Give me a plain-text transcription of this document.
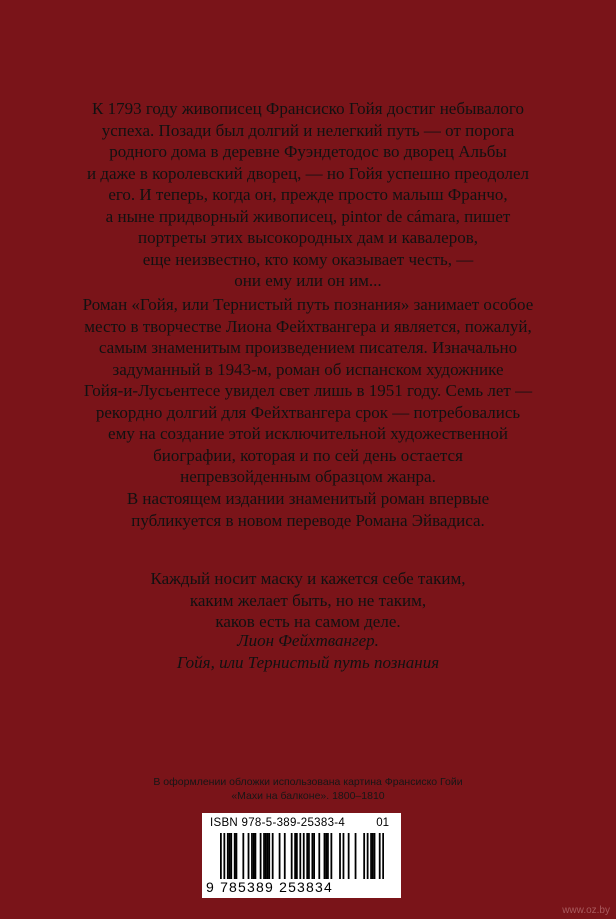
К 1793 году живописец Франсиско Гойя достиг небывалого
успеха. Позади был долгий и нелегкий путь — от порога
родного дома в деревне Фуэндетодос во дворец Альбы
и даже в королевский дворец, — но Гойя успешно преодолел
его. И теперь, когда он, прежде просто малыш Франчо,
а ныне придворный живописец, pintor de cámara, пишет
портреты этих высокородных дам и кавалеров,
еще неизвестно, кто кому оказывает честь, —
они ему или он им...
Роман «Гойя, или Тернистый путь познания» занимает особое
место в творчестве Лиона Фейхтвангера и является, пожалуй,
самым знаменитым произведением писателя. Изначально
задуманный в 1943-м, роман об испанском художнике
Гойя-и-Лусьентесе увидел свет лишь в 1951 году. Семь лет —
рекордно долгий для Фейхтвангера срок — потребовались
ему на создание этой исключительной художественной
биографии, которая и по сей день остается
непревзойденным образцом жанра.
В настоящем издании знаменитый роман впервые
публикуется в новом переводе Романа Эйвадиса.
Каждый носит маску и кажется себе таким,
каким желает быть, но не таким,
каков есть на самом деле.
Лион Фейхтвангер.
Гойя, или Тернистый путь познания
В оформлении обложки использована картина Франсиско Гойи
«Махи на балконе». 1800–1810
ISBN 978-5-389-25383-4	01
9 785389 253834
www.oz.by
